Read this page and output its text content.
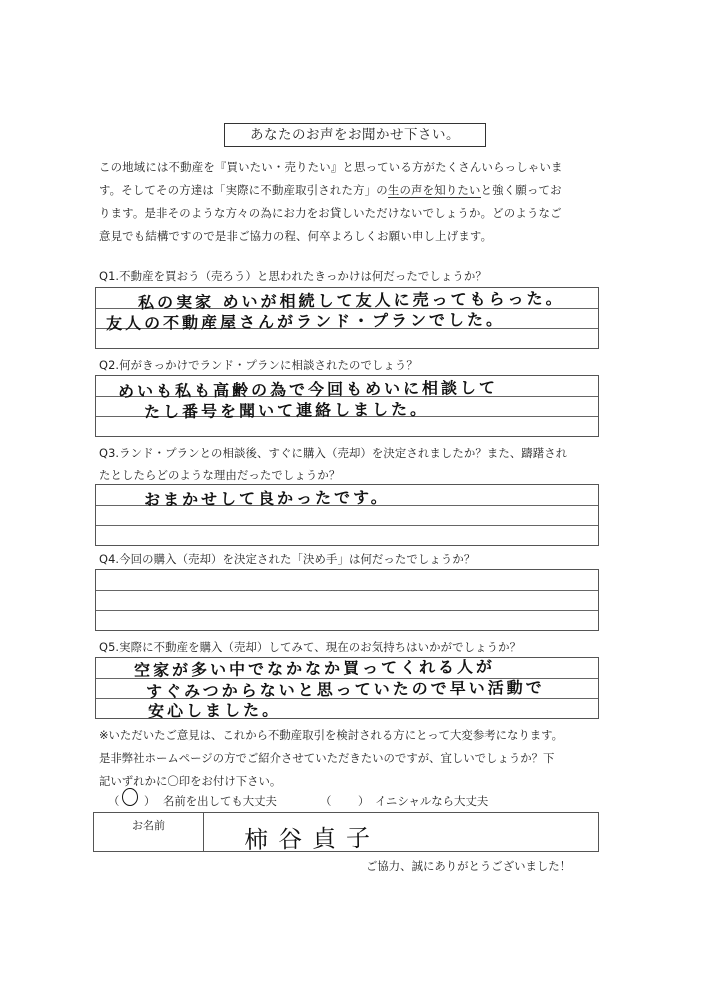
あなたのお声をお聞かせ下さい。

この地域には不動産を『買いたい・売りたい』と思っている方がたくさんいらっしゃいま

す。そしてその方達は「実際に不動産取引された方」の生の声を知りたいと強く願ってお

ります。是非そのような方々の為にお力をお貸しいただけないでしょうか。どのようなご

意見でも結構ですので是非ご協力の程、何卒よろしくお願い申し上げます。

Q1.不動産を買おう（売ろう）と思われたきっかけは何だったでしょうか？
私の実家 めいが相続して友人に売ってもらった。
友人の不動産屋さんがランド・プランでした。
Q2.何がきっかけでランド・プランに相談されたのでしょう？
めいも私も高齢の為で今回もめいに相談して
たし番号を聞いて連絡しました。
Q3.ランド・プランとの相談後、すぐに購入（売却）を決定されましたか？また、躊躇され
たとしたらどのような理由だったでしょうか？
おまかせして良かったです。
Q4.今回の購入（売却）を決定された「決め手」は何だったでしょうか？
Q5.実際に不動産を購入（売却）してみて、現在のお気持ちはいかがでしょうか？
空家が多い中でなかなか買ってくれる人が
すぐみつからないと思っていたので早い活動で
安心しました。

※いただいたご意見は、これから不動産取引を検討される方にとって大変参考になります。

是非弊社ホームページの方でご紹介させていただきたいのですが、宜しいでしょうか？下

記いずれかに〇印をお付け下さい。

（ ） 名前を出しても大丈夫	（ ） イニシャルなら大丈夫
お名前	柿谷貞子
ご協力、誠にありがとうございました！
